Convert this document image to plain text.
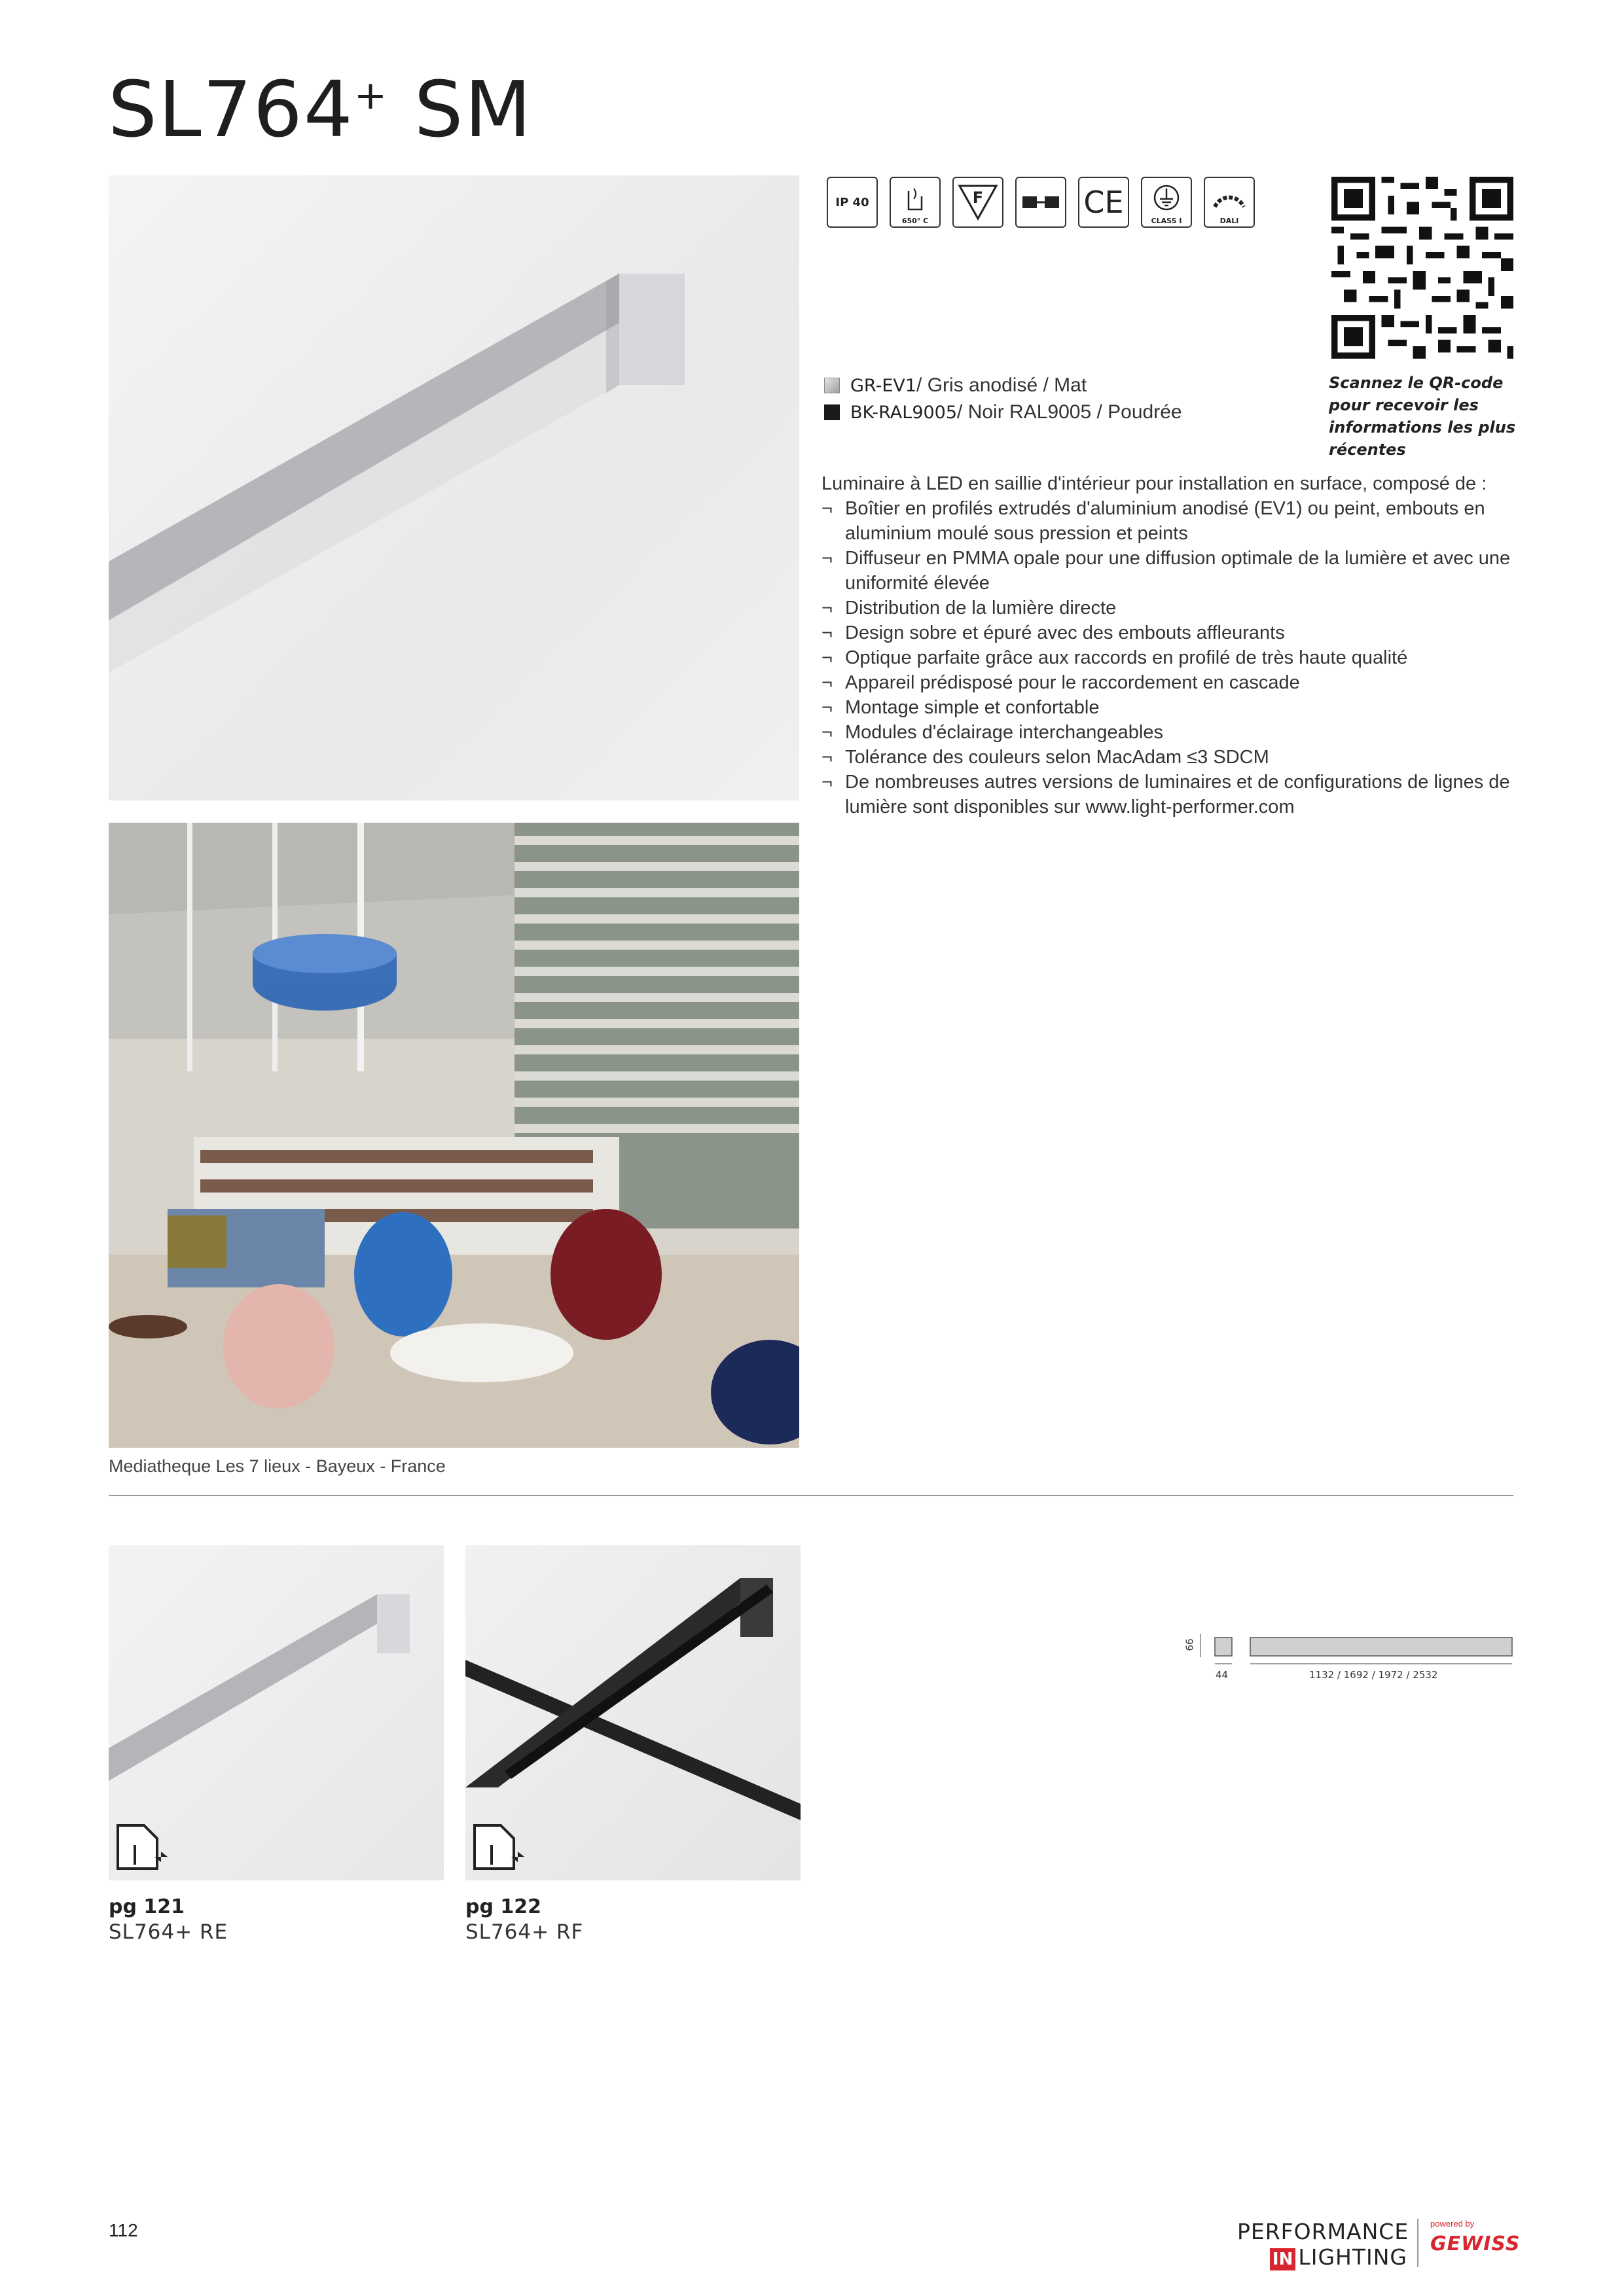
SL764+ SM
Mediatheque Les 7 lieux - Bayeux - France
IP 40
650° C
F	CE
CLASS I	DALI
Scannez le QR-code pour recevoir les informations les plus récentes
GR-EV1 / Gris anodisé / Mat
BK-RAL9005 / Noir RAL9005 / Poudrée
Luminaire à LED en saillie d'intérieur pour installation en surface, composé de :
¬ Boîtier en profilés extrudés d'aluminium anodisé (EV1) ou peint, embouts en aluminium moulé sous pression et peints
¬ Diffuseur en PMMA opale pour une diffusion optimale de la lumière et avec une uniformité élevée
¬ Distribution de la lumière directe
¬ Design sobre et épuré avec des embouts affleurants
¬ Optique parfaite grâce aux raccords en profilé de très haute qualité
¬ Appareil prédisposé pour le raccordement en cascade
¬ Montage simple et confortable
¬ Modules d'éclairage interchangeables
¬ Tolérance des couleurs selon MacAdam ≤3 SDCM
¬ De nombreuses autres versions de luminaires et de configurations de lignes de lumière sont disponibles sur www.light-performer.com
pg 121
SL764+ RE
pg 122
SL764+ RF
66
44	1132 / 1692 / 1972 / 2532
112	PERFORMANCE
IN LIGHTING
powered by
GEWISS
